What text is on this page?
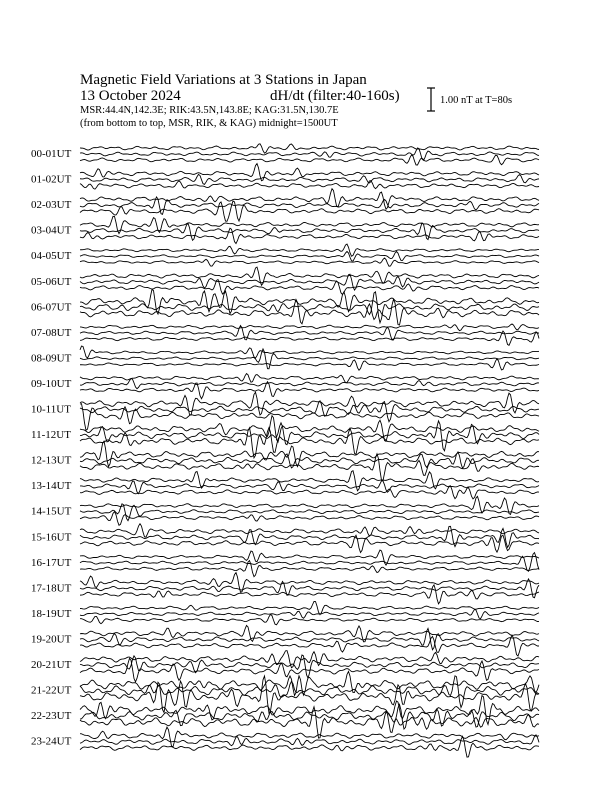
Magnetic Field Variations at 3 Stations in Japan
13 October 2024	dH/dt (filter:40-160s)
MSR:44.4N,142.3E; RIK:43.5N,143.8E; KAG:31.5N,130.7E
(from bottom to top, MSR, RIK, & KAG) midnight=1500UT
1.00 nT at T=80s
00-01UT
01-02UT
02-03UT
03-04UT
04-05UT
05-06UT
06-07UT
07-08UT
08-09UT
09-10UT
10-11UT
11-12UT
12-13UT
13-14UT
14-15UT
15-16UT
16-17UT
17-18UT
18-19UT
19-20UT
20-21UT
21-22UT
22-23UT
23-24UT
